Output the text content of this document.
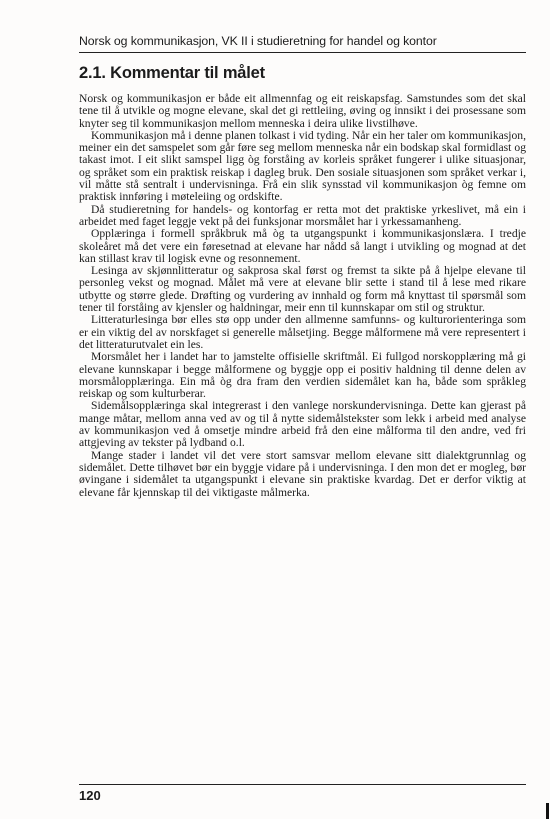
Norsk og kommunikasjon, VK II i studieretning for handel og kontor
2.1. Kommentar til målet

Norsk og kommunikasjon er både eit allmennfag og eit reiskapsfag. Samstundes som det skal tene til å utvikle og mogne elevane, skal det gi rettleiing, øving og innsikt i dei prosessane som knyter seg til kommunikasjon mellom menneska i deira ulike livstilhøve.

Kommunikasjon må i denne planen tolkast i vid tyding. Når ein her taler om kommunikasjon, meiner ein det samspelet som går føre seg mellom menneska når ein bodskap skal formidlast og takast imot. I eit slikt samspel ligg òg forståing av korleis språket fungerer i ulike situasjonar, og språket som ein praktisk reiskap i dagleg bruk. Den sosiale situasjonen som språket verkar i, vil måtte stå sentralt i undervisninga. Frå ein slik synsstad vil kommunikasjon òg femne om praktisk innføring i møteleiing og ordskifte.

Då studieretning for handels- og kontorfag er retta mot det praktiske yrkeslivet, må ein i arbeidet med faget leggje vekt på dei funksjonar morsmålet har i yrkessamanheng.

Opplæringa i formell språkbruk må òg ta utgangspunkt i kommunikasjonslæra. I tredje skoleåret må det vere ein føresetnad at elevane har nådd så langt i utvikling og mognad at det kan stillast krav til logisk evne og resonnement.

Lesinga av skjønnlitteratur og sakprosa skal først og fremst ta sikte på å hjelpe elevane til personleg vekst og mognad. Målet må vere at elevane blir sette i stand til å lese med rikare utbytte og større glede. Drøfting og vurdering av innhald og form må knyttast til spørsmål som tener til forståing av kjensler og haldningar, meir enn til kunnskapar om stil og struktur.

Litteraturlesinga bør elles stø opp under den allmenne samfunns- og kulturorienteringa som er ein viktig del av norskfaget si generelle målsetjing. Begge målformene må vere representert i det litteraturutvalet ein les.

Morsmålet her i landet har to jamstelte offisielle skriftmål. Ei fullgod norskopplæring må gi elevane kunnskapar i begge målformene og byggje opp ei positiv haldning til denne delen av morsmålopplæringa. Ein må òg dra fram den verdien sidemålet kan ha, både som språkleg reiskap og som kulturberar.

Sidemålsopplæringa skal integrerast i den vanlege norskundervisninga. Dette kan gjerast på mange måtar, mellom anna ved av og til å nytte sidemålstekster som lekk i arbeid med analyse av kommunikasjon ved å omsetje mindre arbeid frå den eine målforma til den andre, ved fri attgjeving av tekster på lydband o.l.

Mange stader i landet vil det vere stort samsvar mellom elevane sitt dialektgrunnlag og sidemålet. Dette tilhøvet bør ein byggje vidare på i undervisninga. I den mon det er mogleg, bør øvingane i sidemålet ta utgangspunkt i elevane sin praktiske kvardag. Det er derfor viktig at elevane får kjennskap til dei viktigaste målmerka.

120
